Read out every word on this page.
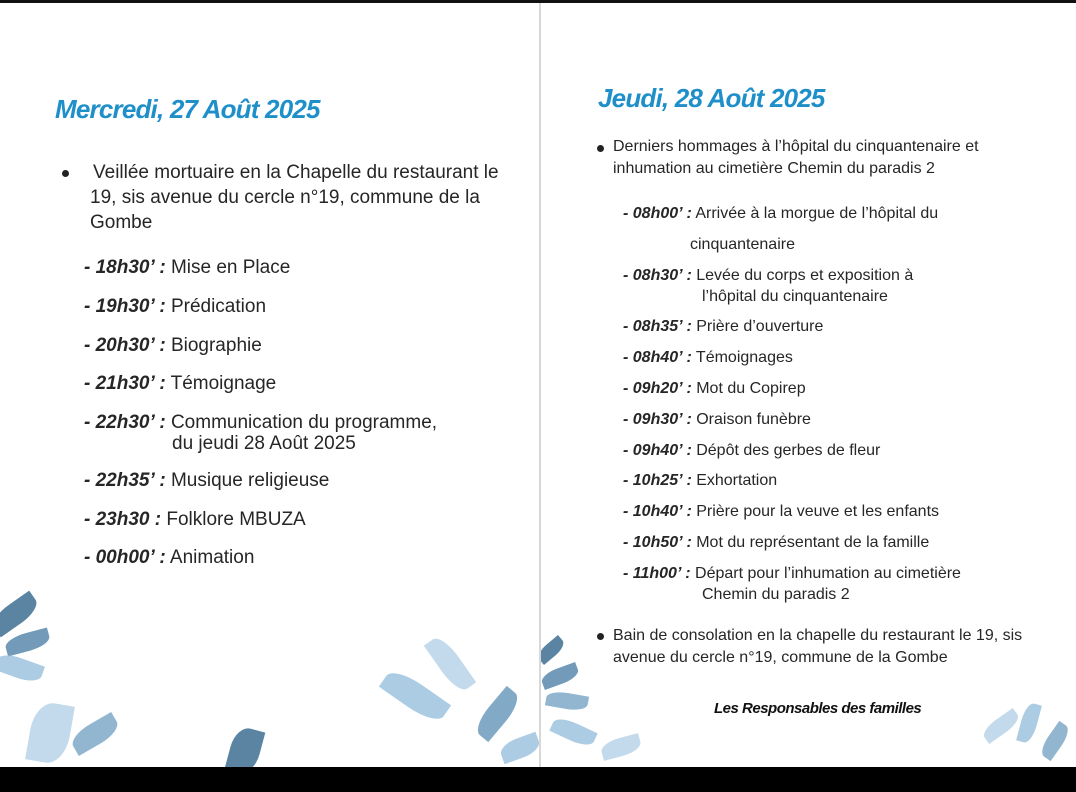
Mercredi, 27 Août 2025
Veillée mortuaire en la Chapelle du restaurant le
19, sis avenue du cercle n°19, commune de la
Gombe
- 18h30’ : Mise en Place
- 19h30’ : Prédication
- 20h30’ : Biographie
- 21h30’ : Témoignage
- 22h30’ : Communication du programme,
du jeudi 28 Août 2025
- 22h35’ : Musique religieuse
- 23h30 : Folklore MBUZA
- 00h00’ : Animation
Jeudi, 28 Août 2025
Derniers hommages à l’hôpital du cinquantenaire et
inhumation au cimetière Chemin du paradis 2
- 08h00’ : Arrivée à la morgue de l’hôpital du
cinquantenaire
- 08h30’ : Levée du corps et exposition à
l’hôpital du cinquantenaire
- 08h35’ : Prière d’ouverture
- 08h40’ : Témoignages
- 09h20’ : Mot du Copirep
- 09h30’ : Oraison funèbre
- 09h40’ : Dépôt des gerbes de fleur
- 10h25’ : Exhortation
- 10h40’ : Prière pour la veuve et les enfants
- 10h50’ : Mot du représentant de la famille
- 11h00’ : Départ pour l’inhumation au cimetière
Chemin du paradis 2
Bain de consolation en la chapelle du restaurant le 19, sis
avenue du cercle n°19, commune de la Gombe
Les Responsables des familles
